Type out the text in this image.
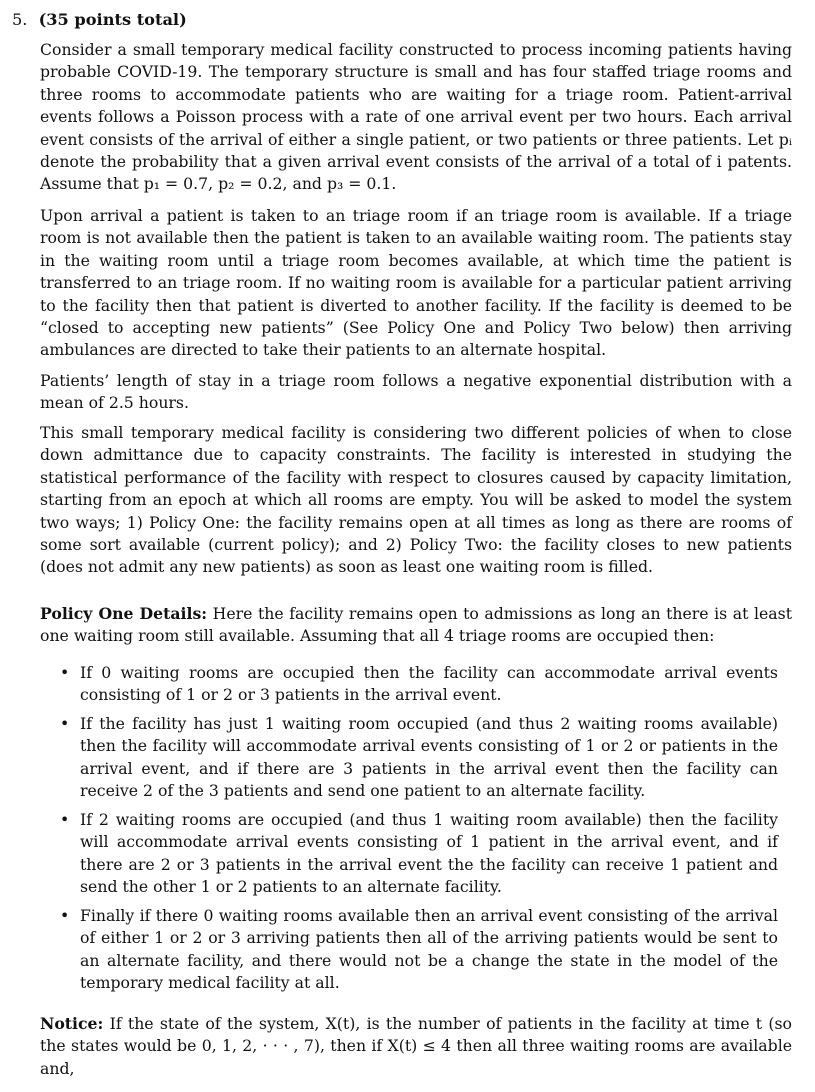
5. (35 points total)

Consider a small temporary medical facility constructed to process incoming patients having probable COVID-19. The temporary structure is small and has four staffed triage rooms and three rooms to accommodate patients who are waiting for a triage room. Patient-arrival events follows a Poisson process with a rate of one arrival event per two hours. Each arrival event consists of the arrival of either a single patient, or two patients or three patients. Let pᵢ denote the probability that a given arrival event consists of the arrival of a total of i patents. Assume that p₁ = 0.7, p₂ = 0.2, and p₃ = 0.1.

Upon arrival a patient is taken to an triage room if an triage room is available. If a triage room is not available then the patient is taken to an available waiting room. The patients stay in the waiting room until a triage room becomes available, at which time the patient is transferred to an triage room. If no waiting room is available for a particular patient arriving to the facility then that patient is diverted to another facility. If the facility is deemed to be “closed to accepting new patients” (See Policy One and Policy Two below) then arriving ambulances are directed to take their patients to an alternate hospital.

Patients’ length of stay in a triage room follows a negative exponential distribution with a mean of 2.5 hours.

This small temporary medical facility is considering two different policies of when to close down admittance due to capacity constraints. The facility is interested in studying the statistical performance of the facility with respect to closures caused by capacity limitation, starting from an epoch at which all rooms are empty. You will be asked to model the system two ways; 1) Policy One: the facility remains open at all times as long as there are rooms of some sort available (current policy); and 2) Policy Two: the facility closes to new patients (does not admit any new patients) as soon as least one waiting room is filled.

Policy One Details: Here the facility remains open to admissions as long an there is at least one waiting room still available. Assuming that all 4 triage rooms are occupied then:

• If 0 waiting rooms are occupied then the facility can accommodate arrival events consisting of 1 or 2 or 3 patients in the arrival event.

• If the facility has just 1 waiting room occupied (and thus 2 waiting rooms available) then the facility will accommodate arrival events consisting of 1 or 2 or patients in the arrival event, and if there are 3 patients in the arrival event then the facility can receive 2 of the 3 patients and send one patient to an alternate facility.

• If 2 waiting rooms are occupied (and thus 1 waiting room available) then the facility will accommodate arrival events consisting of 1 patient in the arrival event, and if there are 2 or 3 patients in the arrival event the the facility can receive 1 patient and send the other 1 or 2 patients to an alternate facility.

• Finally if there 0 waiting rooms available then an arrival event consisting of the arrival of either 1 or 2 or 3 arriving patients then all of the arriving patients would be sent to an alternate facility, and there would not be a change the state in the model of the temporary medical facility at all.

Notice: If the state of the system, X(t), is the number of patients in the facility at time t (so the states would be 0, 1, 2, · · · , 7), then if X(t) ≤ 4 then all three waiting rooms are available and,
